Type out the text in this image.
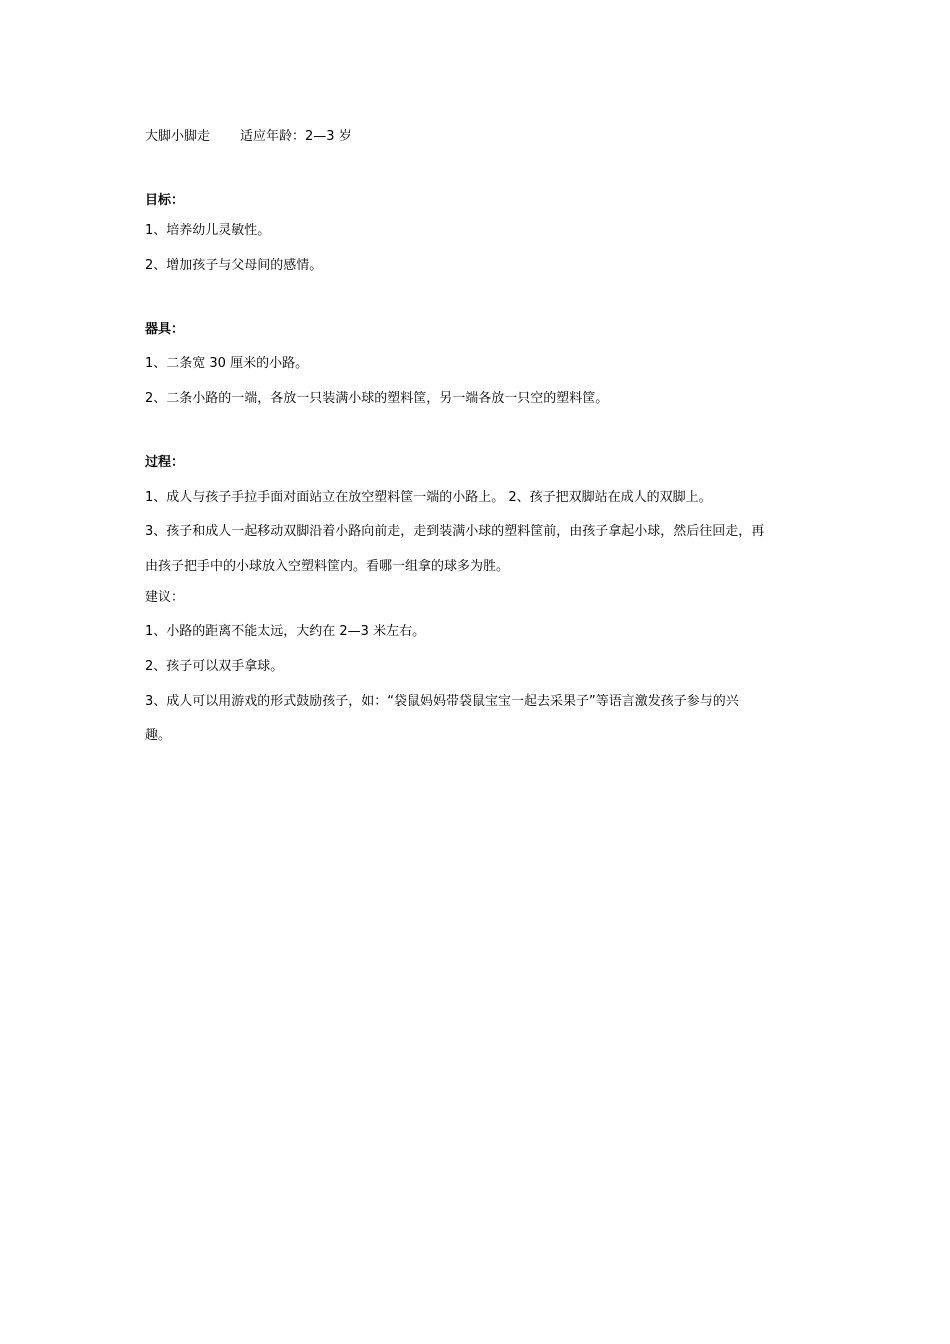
大脚小脚走 适应年龄：2—3 岁
目标：
1、培养幼儿灵敏性。
2、增加孩子与父母间的感情。
器具：
1、二条宽 30 厘米的小路。
2、二条小路的一端，各放一只装满小球的塑料筐，另一端各放一只空的塑料筐。
过程：
1、成人与孩子手拉手面对面站立在放空塑料筐一端的小路上。 2、孩子把双脚站在成人的双脚上。
3、孩子和成人一起移动双脚沿着小路向前走，走到装满小球的塑料筐前，由孩子拿起小球，然后往回走，再
由孩子把手中的小球放入空塑料筐内。看哪一组拿的球多为胜。
建议：
1、小路的距离不能太远，大约在 2—3 米左右。
2、孩子可以双手拿球。
3、成人可以用游戏的形式鼓励孩子，如：“袋鼠妈妈带袋鼠宝宝一起去采果子”等语言激发孩子参与的兴
趣。
